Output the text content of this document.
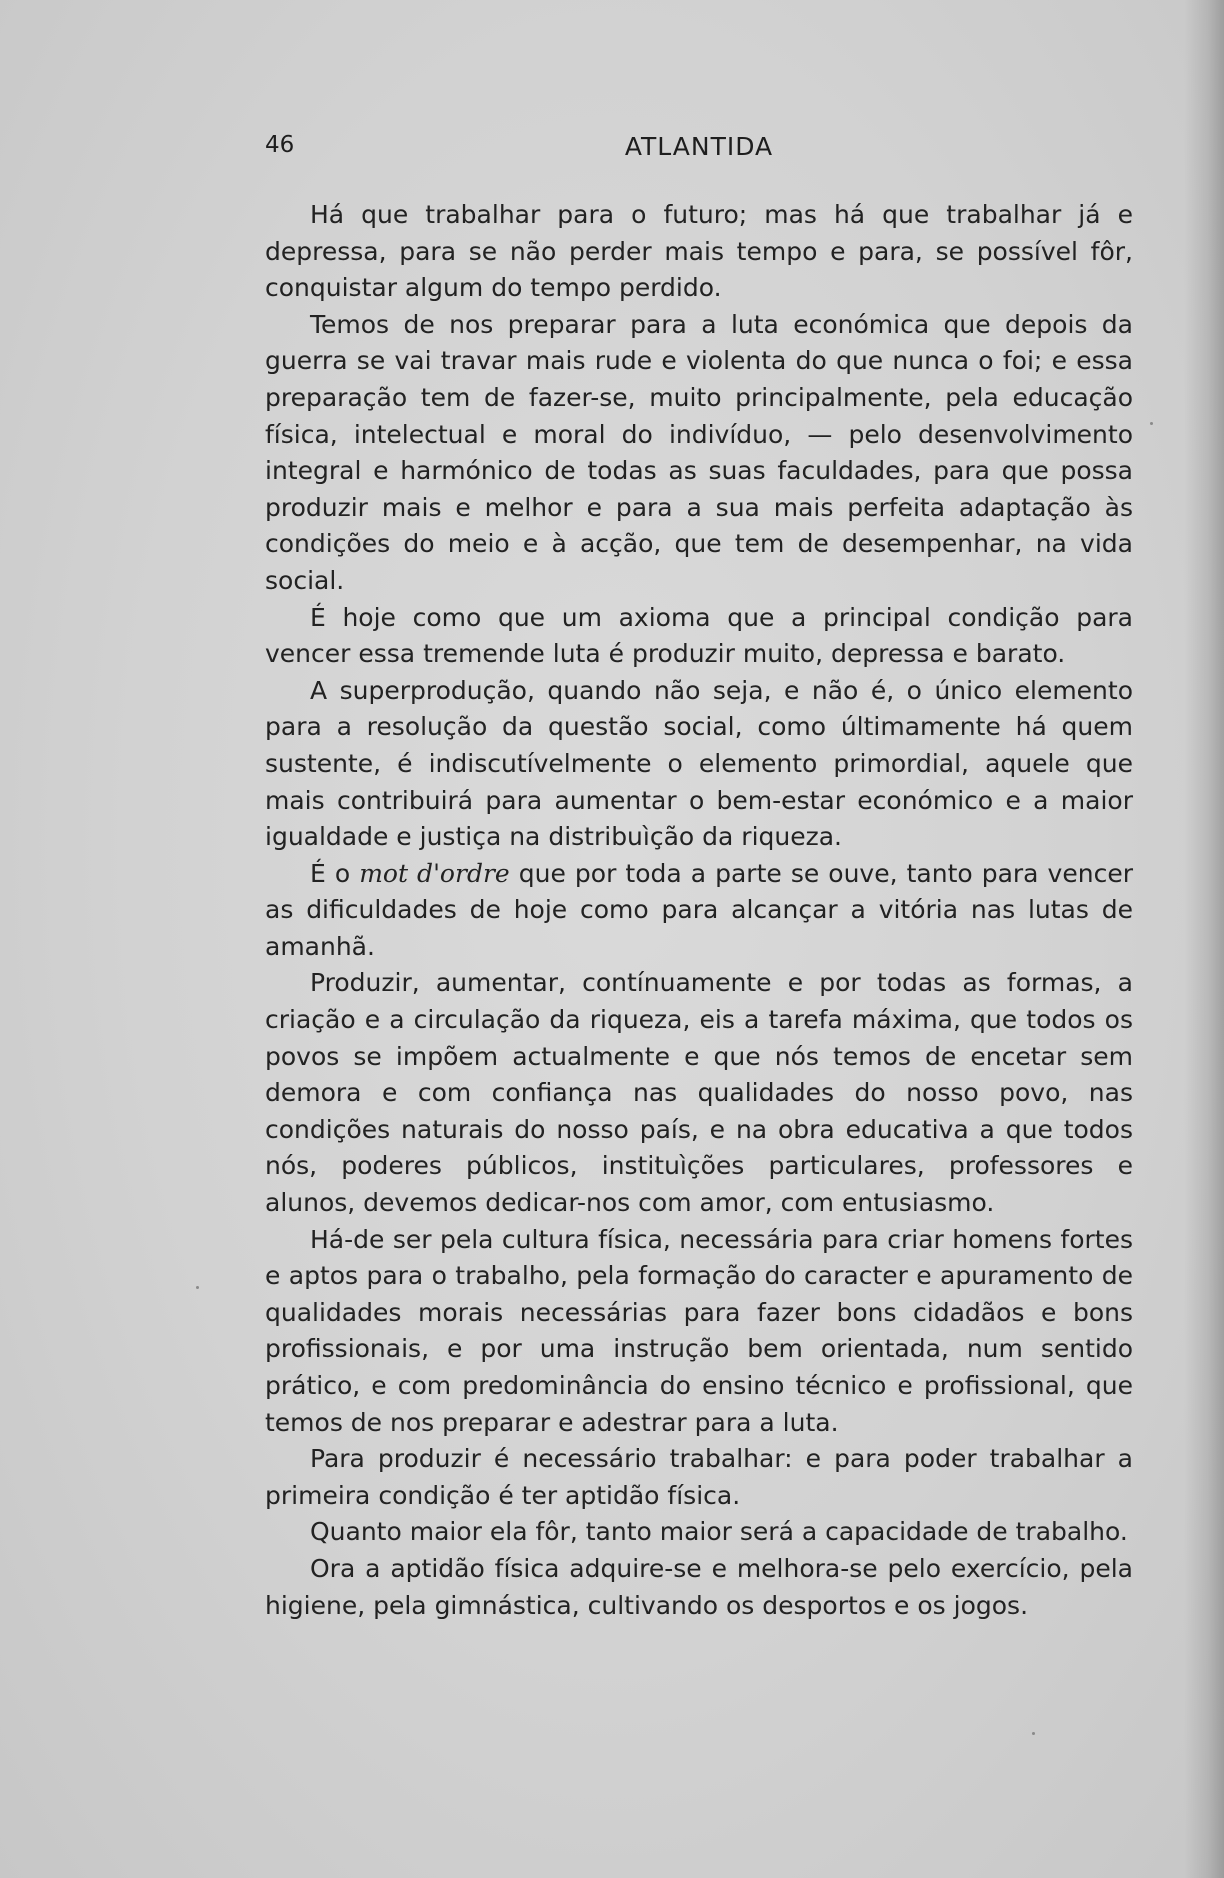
46	ATLANTIDA

Há que trabalhar para o futuro; mas há que trabalhar já e depressa, para se não perder mais tempo e para, se possível fôr, conquistar algum do tempo perdido.

Temos de nos preparar para a luta económica que depois da guerra se vai travar mais rude e violenta do que nunca o foi; e essa preparação tem de fazer-se, muito principalmente, pela educação física, intelectual e moral do indivíduo, — pelo desenvolvimento integral e harmónico de todas as suas faculdades, para que possa produzir mais e melhor e para a sua mais perfeita adaptação às condições do meio e à acção, que tem de desempenhar, na vida social.

É hoje como que um axioma que a principal condição para vencer essa tremende luta é produzir muito, depressa e barato.

A superprodução, quando não seja, e não é, o único elemento para a resolução da questão social, como últimamente há quem sustente, é indiscutívelmente o elemento primordial, aquele que mais contribuirá para aumentar o bem-estar económico e a maior igualdade e justiça na distribuìção da riqueza.

É o mot d'ordre que por toda a parte se ouve, tanto para vencer as dificuldades de hoje como para alcançar a vitória nas lutas de amanhã.

Produzir, aumentar, contínuamente e por todas as formas, a criação e a circulação da riqueza, eis a tarefa máxima, que todos os povos se impõem actualmente e que nós temos de encetar sem demora e com confiança nas qualidades do nosso povo, nas condições naturais do nosso país, e na obra educativa a que todos nós, poderes públicos, instituìções particulares, professores e alunos, devemos dedicar-nos com amor, com entusiasmo.

Há-de ser pela cultura física, necessária para criar homens fortes e aptos para o trabalho, pela formação do caracter e apuramento de qualidades morais necessárias para fazer bons cidadãos e bons profissionais, e por uma instrução bem orientada, num sentido prático, e com predominância do ensino técnico e profissional, que temos de nos preparar e adestrar para a luta.

Para produzir é necessário trabalhar: e para poder trabalhar a primeira condição é ter aptidão física.

Quanto maior ela fôr, tanto maior será a capacidade de trabalho.

Ora a aptidão física adquire-se e melhora-se pelo exercício, pela higiene, pela gimnástica, cultivando os desportos e os jogos.
